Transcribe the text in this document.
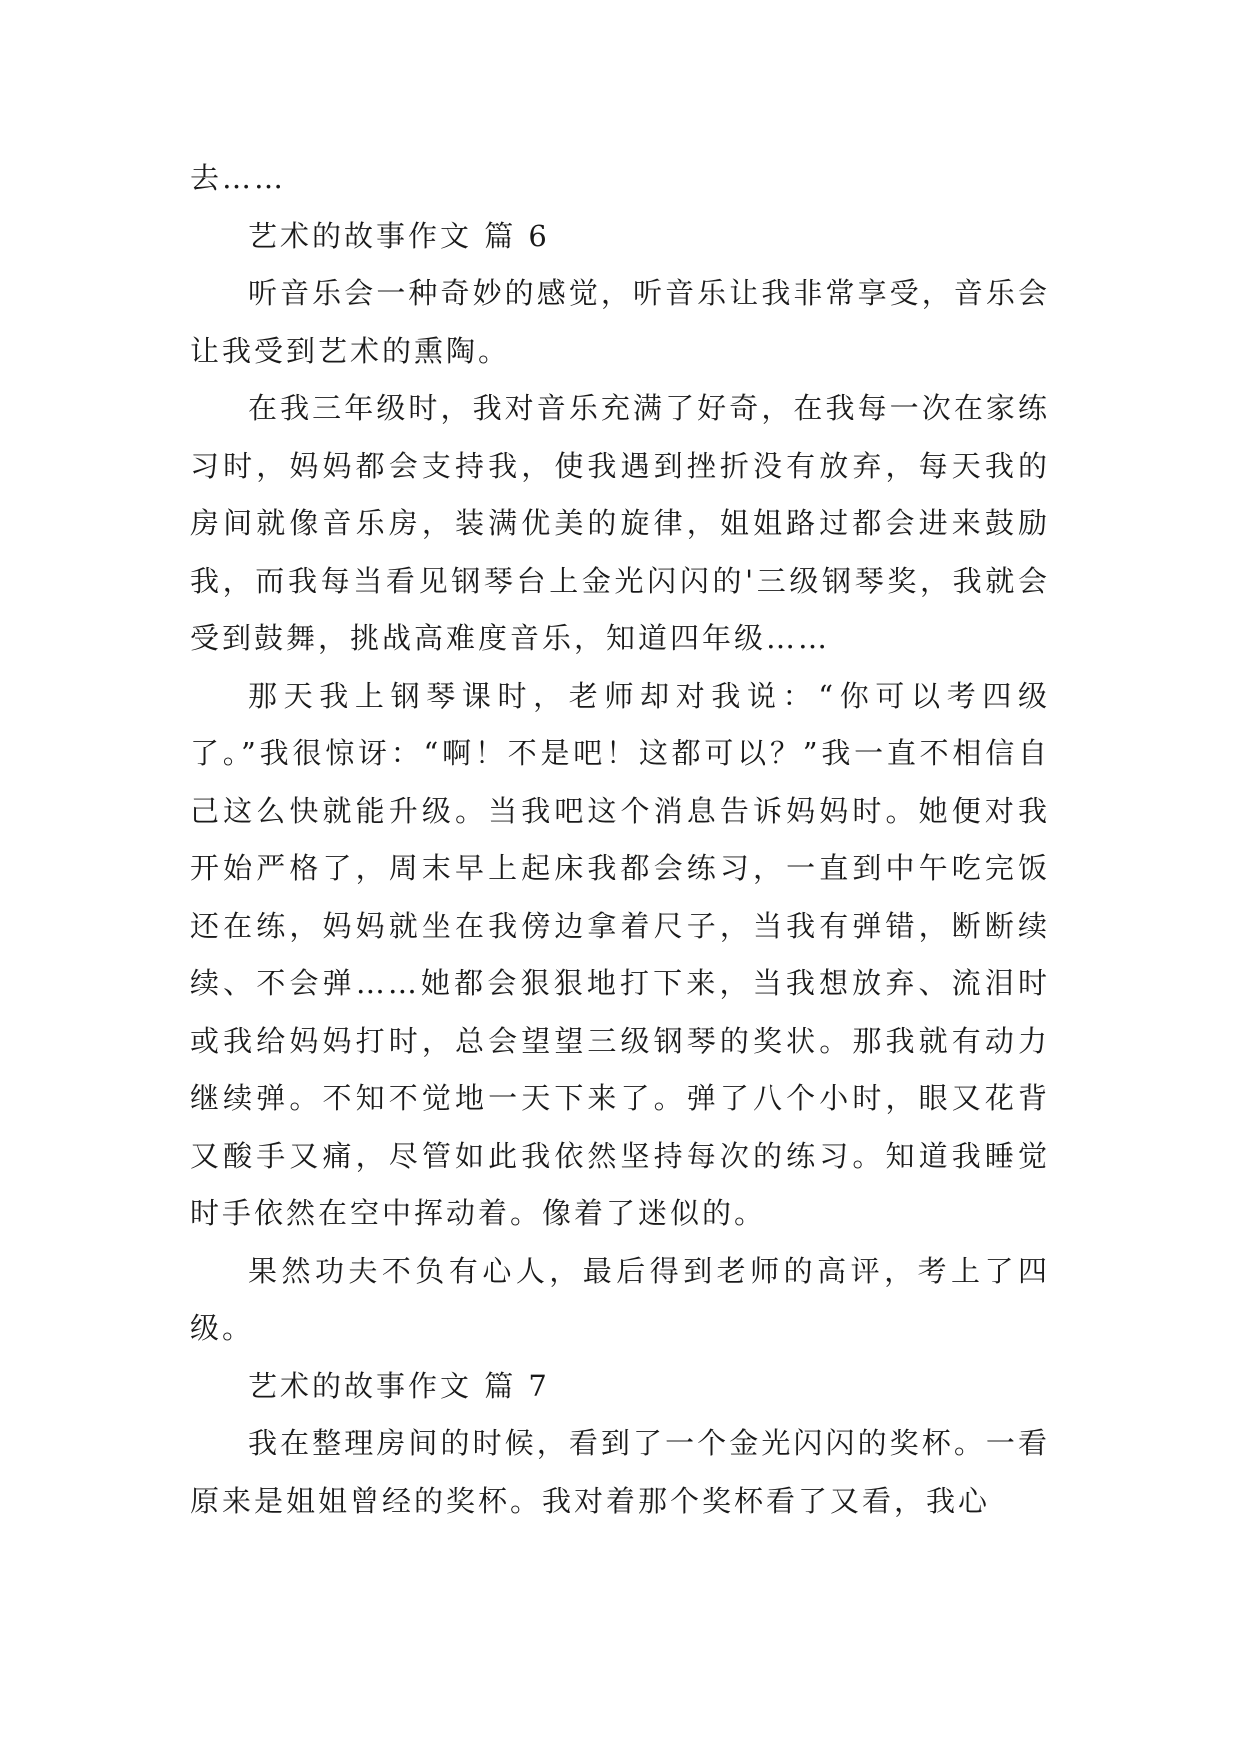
去……

艺术的故事作文 篇 6

听音乐会一种奇妙的感觉，听音乐让我非常享受，音乐会让我受到艺术的熏陶。

在我三年级时，我对音乐充满了好奇，在我每一次在家练习时，妈妈都会支持我，使我遇到挫折没有放弃，每天我的房间就像音乐房，装满优美的旋律，姐姐路过都会进来鼓励我，而我每当看见钢琴台上金光闪闪的'三级钢琴奖，我就会受到鼓舞，挑战高难度音乐，知道四年级……

那天我上钢琴课时，老师却对我说：“你可以考四级了。”我很惊讶：“啊！不是吧！这都可以？”我一直不相信自己这么快就能升级。当我吧这个消息告诉妈妈时。她便对我开始严格了，周末早上起床我都会练习，一直到中午吃完饭还在练，妈妈就坐在我傍边拿着尺子，当我有弹错，断断续续、不会弹……她都会狠狠地打下来，当我想放弃、流泪时或我给妈妈打时，总会望望三级钢琴的奖状。那我就有动力继续弹。不知不觉地一天下来了。弹了八个小时，眼又花背又酸手又痛，尽管如此我依然坚持每次的练习。知道我睡觉时手依然在空中挥动着。像着了迷似的。

果然功夫不负有心人，最后得到老师的高评，考上了四级。

艺术的故事作文 篇 7

我在整理房间的时候，看到了一个金光闪闪的奖杯。一看原来是姐姐曾经的奖杯。我对着那个奖杯看了又看，我心
